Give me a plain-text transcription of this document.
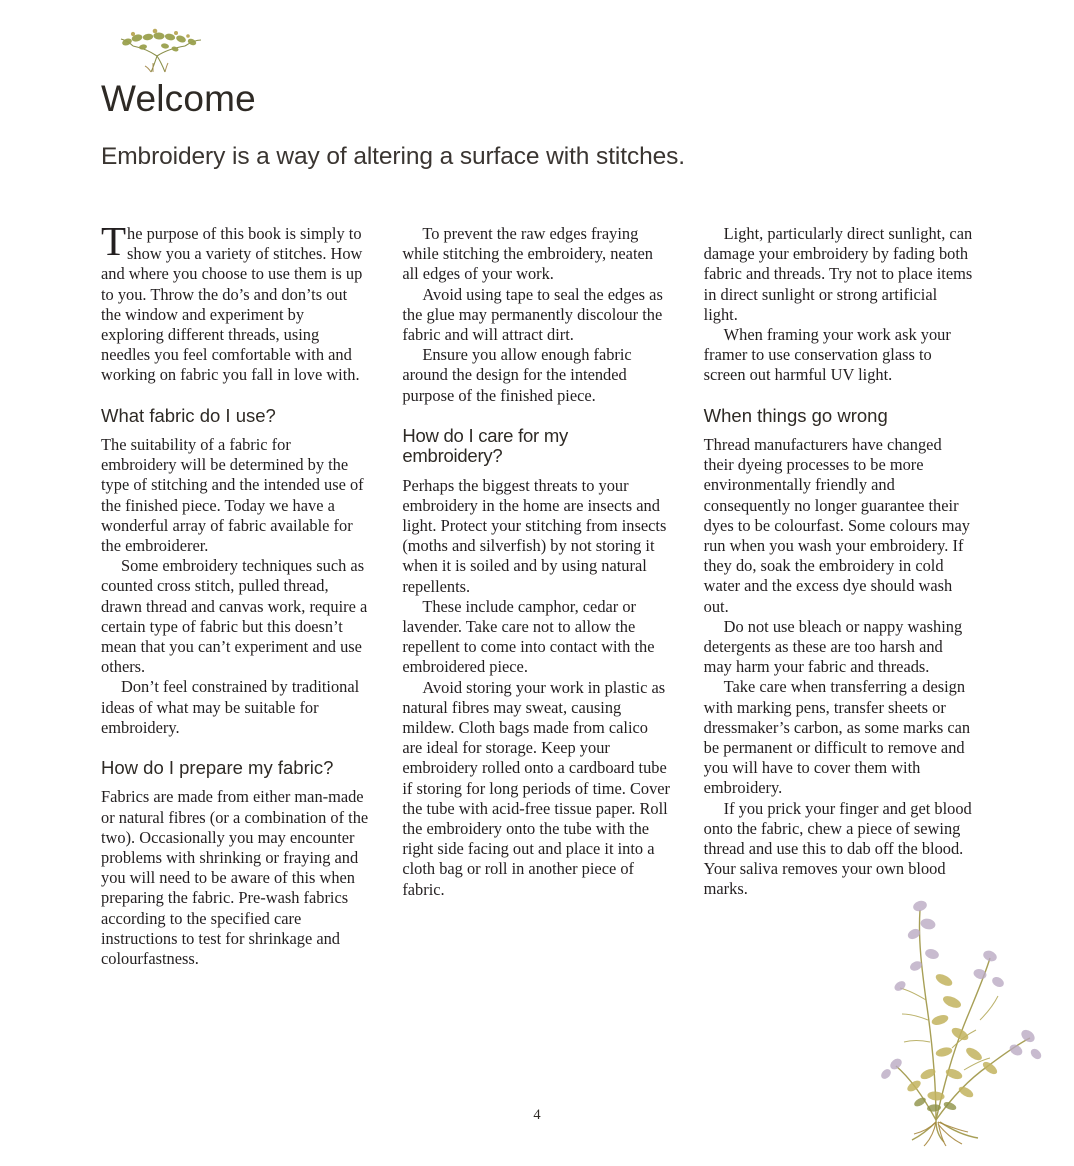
Welcome

Embroidery is a way of altering a surface with stitches.

T he purpose of this book is simply to show you a variety of stitches. How and where you choose to use them is up to you. Throw the do’s and don’ts out the window and experiment by exploring different threads, using needles you feel comfortable with and working on fabric you fall in love with.

What fabric do I use?

The suitability of a fabric for embroidery will be determined by the type of stitching and the intended use of the finished piece. Today we have a wonderful array of fabric available for the embroiderer.

Some embroidery techniques such as counted cross stitch, pulled thread, drawn thread and canvas work, require a certain type of fabric but this doesn’t mean that you can’t experiment and use others.

Don’t feel constrained by traditional ideas of what may be suitable for embroidery.

How do I prepare my fabric?

Fabrics are made from either man-made or natural fibres (or a combination of the two). Occasionally you may encounter problems with shrinking or fraying and you will need to be aware of this when preparing the fabric. Pre-wash fabrics according to the specified care instructions to test for shrinkage and colourfastness.

To prevent the raw edges fraying while stitching the embroidery, neaten all edges of your work.

Avoid using tape to seal the edges as the glue may permanently discolour the fabric and will attract dirt.

Ensure you allow enough fabric around the design for the intended purpose of the finished piece.

How do I care for my embroidery?

Perhaps the biggest threats to your embroidery in the home are insects and light. Protect your stitching from insects (moths and silverfish) by not storing it when it is soiled and by using natural repellents.

These include camphor, cedar or lavender. Take care not to allow the repellent to come into contact with the embroidered piece.

Avoid storing your work in plastic as natural fibres may sweat, causing mildew. Cloth bags made from calico are ideal for storage. Keep your embroidery rolled onto a cardboard tube if storing for long periods of time. Cover the tube with acid-free tissue paper. Roll the embroidery onto the tube with the right side facing out and place it into a cloth bag or roll in another piece of fabric.

Light, particularly direct sunlight, can damage your embroidery by fading both fabric and threads. Try not to place items in direct sunlight or strong artificial light.

When framing your work ask your framer to use conservation glass to screen out harmful UV light.

When things go wrong

Thread manufacturers have changed their dyeing processes to be more environmentally friendly and consequently no longer guarantee their dyes to be colourfast. Some colours may run when you wash your embroidery. If they do, soak the embroidery in cold water and the excess dye should wash out.

Do not use bleach or nappy washing detergents as these are too harsh and may harm your fabric and threads.

Take care when transferring a design with marking pens, transfer sheets or dressmaker’s carbon, as some marks can be permanent or difficult to remove and you will have to cover them with embroidery.

If you prick your finger and get blood onto the fabric, chew a piece of sewing thread and use this to dab off the blood. Your saliva removes your own blood marks.

4
